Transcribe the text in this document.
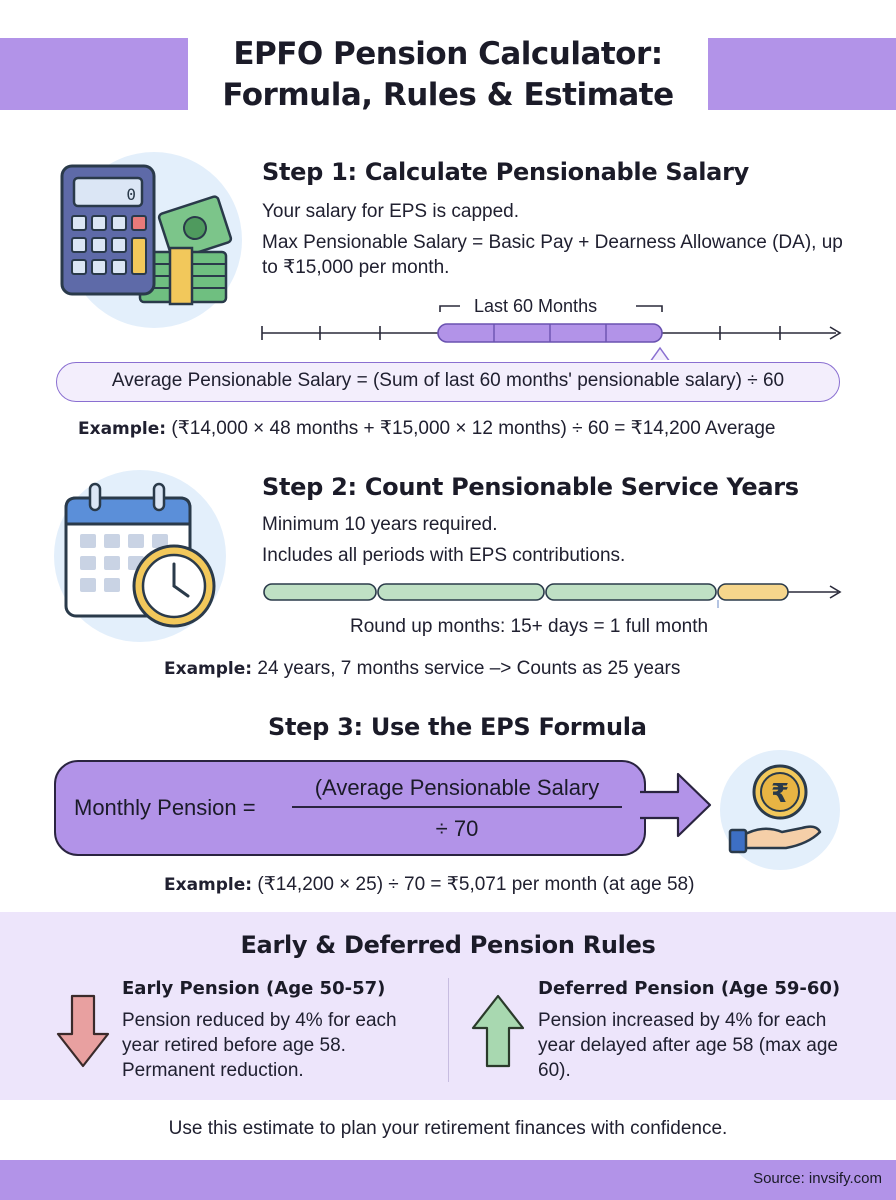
EPFO Pension Calculator:
Formula, Rules & Estimate
0
Step 1: Calculate Pensionable Salary
Your salary for EPS is capped.
Max Pensionable Salary = Basic Pay + Dearness Allowance (DA), up to ₹15,000 per month.
Last 60 Months
Average Pensionable Salary = (Sum of last 60 months' pensionable salary) ÷ 60
Example: (₹14,000 × 48 months + ₹15,000 × 12 months) ÷ 60 = ₹14,200 Average
Step 2: Count Pensionable Service Years
Minimum 10 years required.
Includes all periods with EPS contributions.
Round up months: 15+ days = 1 full month
Example: 24 years, 7 months service –> Counts as 25 years
Step 3: Use the EPS Formula
Monthly Pension =
(Average Pensionable Salary
÷ 70
₹
Example: (₹14,200 × 25) ÷ 70 = ₹5,071 per month (at age 58)
Early & Deferred Pension Rules
Early Pension (Age 50-57)
Pension reduced by 4% for each year retired before age 58. Permanent reduction.
Deferred Pension (Age 59-60)
Pension increased by 4% for each year delayed after age 58 (max age 60).
Use this estimate to plan your retirement finances with confidence.
Source: invsify.com
